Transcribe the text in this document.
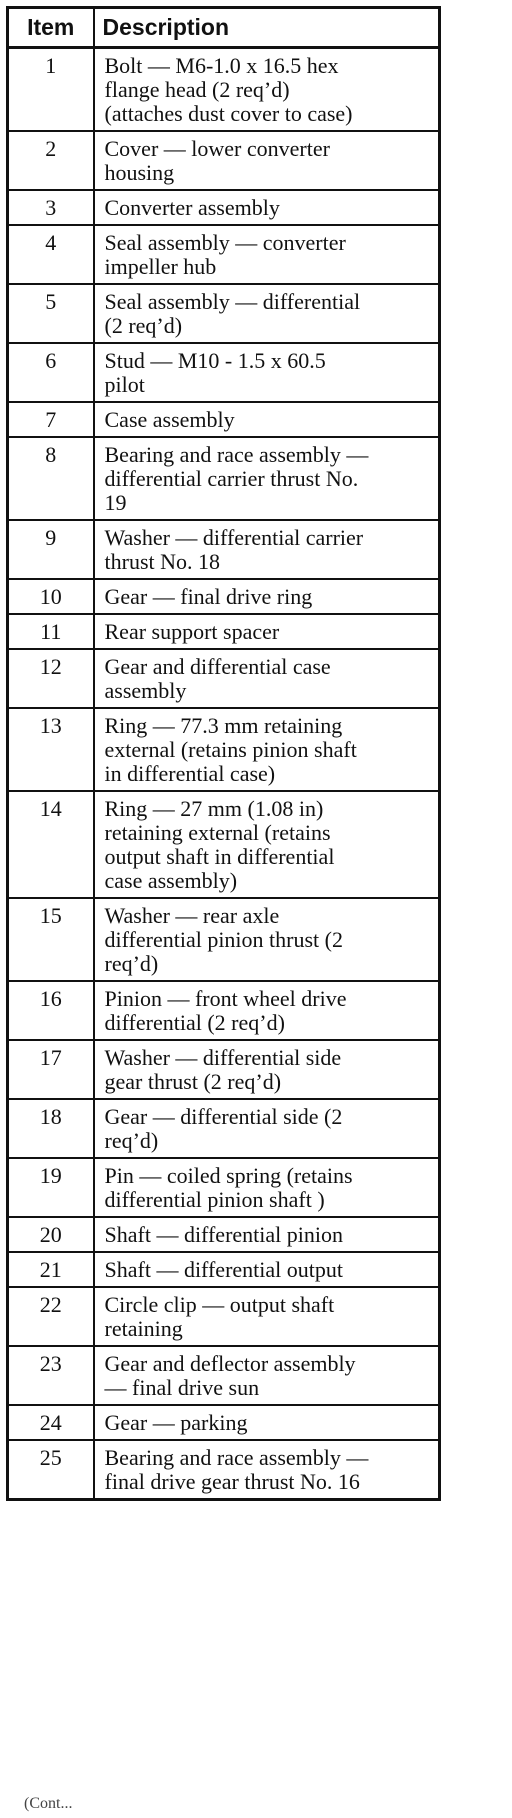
Item	Description
1	Bolt — M6-1.0 x 16.5 hex
flange head (2 req’d)
(attaches dust cover to case)
2	Cover — lower converter
housing
3	Converter assembly
4	Seal assembly — converter
impeller hub
5	Seal assembly — differential
(2 req’d)
6	Stud — M10 - 1.5 x 60.5
pilot
7	Case assembly
8	Bearing and race assembly —
differential carrier thrust No.
19
9	Washer — differential carrier
thrust No. 18
10	Gear — final drive ring
11	Rear support spacer
12	Gear and differential case
assembly
13	Ring — 77.3 mm retaining
external (retains pinion shaft
in differential case)
14	Ring — 27 mm (1.08 in)
retaining external (retains
output shaft in differential
case assembly)
15	Washer — rear axle
differential pinion thrust (2
req’d)
16	Pinion — front wheel drive
differential (2 req’d)
17	Washer — differential side
gear thrust (2 req’d)
18	Gear — differential side (2
req’d)
19	Pin — coiled spring (retains
differential pinion shaft )
20	Shaft — differential pinion
21	Shaft — differential output
22	Circle clip — output shaft
retaining
23	Gear and deflector assembly
— final drive sun
24	Gear — parking
25	Bearing and race assembly —
final drive gear thrust No. 16
(Cont...
